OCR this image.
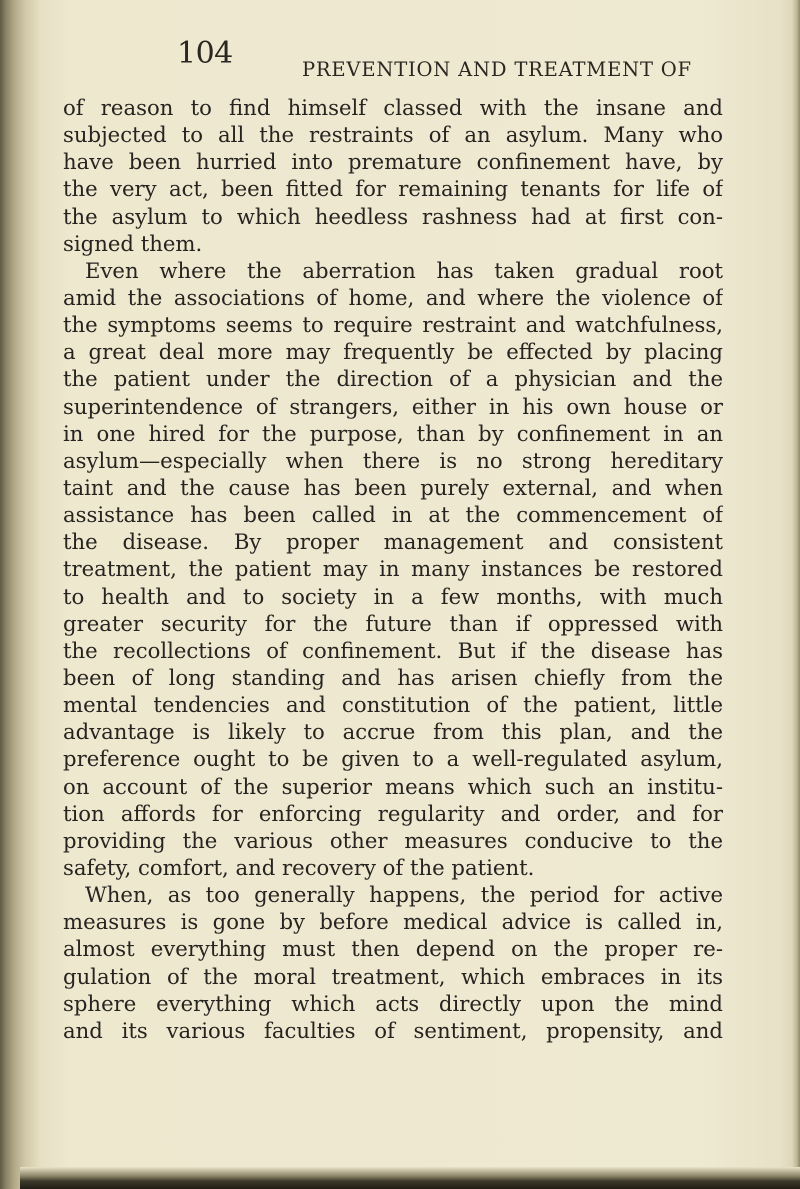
104	PREVENTION AND TREATMENT OF
of reason to find himself classed with the insane and
subjected to all the restraints of an asylum. Many who
have been hurried into premature confinement have, by
the very act, been fitted for remaining tenants for life of
the asylum to which heedless rashness had at first con-
signed them.
Even where the aberration has taken gradual root
amid the associations of home, and where the violence of
the symptoms seems to require restraint and watchfulness,
a great deal more may frequently be effected by placing
the patient under the direction of a physician and the
superintendence of strangers, either in his own house or
in one hired for the purpose, than by confinement in an
asylum—especially when there is no strong hereditary
taint and the cause has been purely external, and when
assistance has been called in at the commencement of
the disease. By proper management and consistent
treatment, the patient may in many instances be restored
to health and to society in a few months, with much
greater security for the future than if oppressed with
the recollections of confinement. But if the disease has
been of long standing and has arisen chiefly from the
mental tendencies and constitution of the patient, little
advantage is likely to accrue from this plan, and the
preference ought to be given to a well-regulated asylum,
on account of the superior means which such an institu-
tion affords for enforcing regularity and order, and for
providing the various other measures conducive to the
safety, comfort, and recovery of the patient.
When, as too generally happens, the period for active
measures is gone by before medical advice is called in,
almost everything must then depend on the proper re-
gulation of the moral treatment, which embraces in its
sphere everything which acts directly upon the mind
and its various faculties of sentiment, propensity, and
